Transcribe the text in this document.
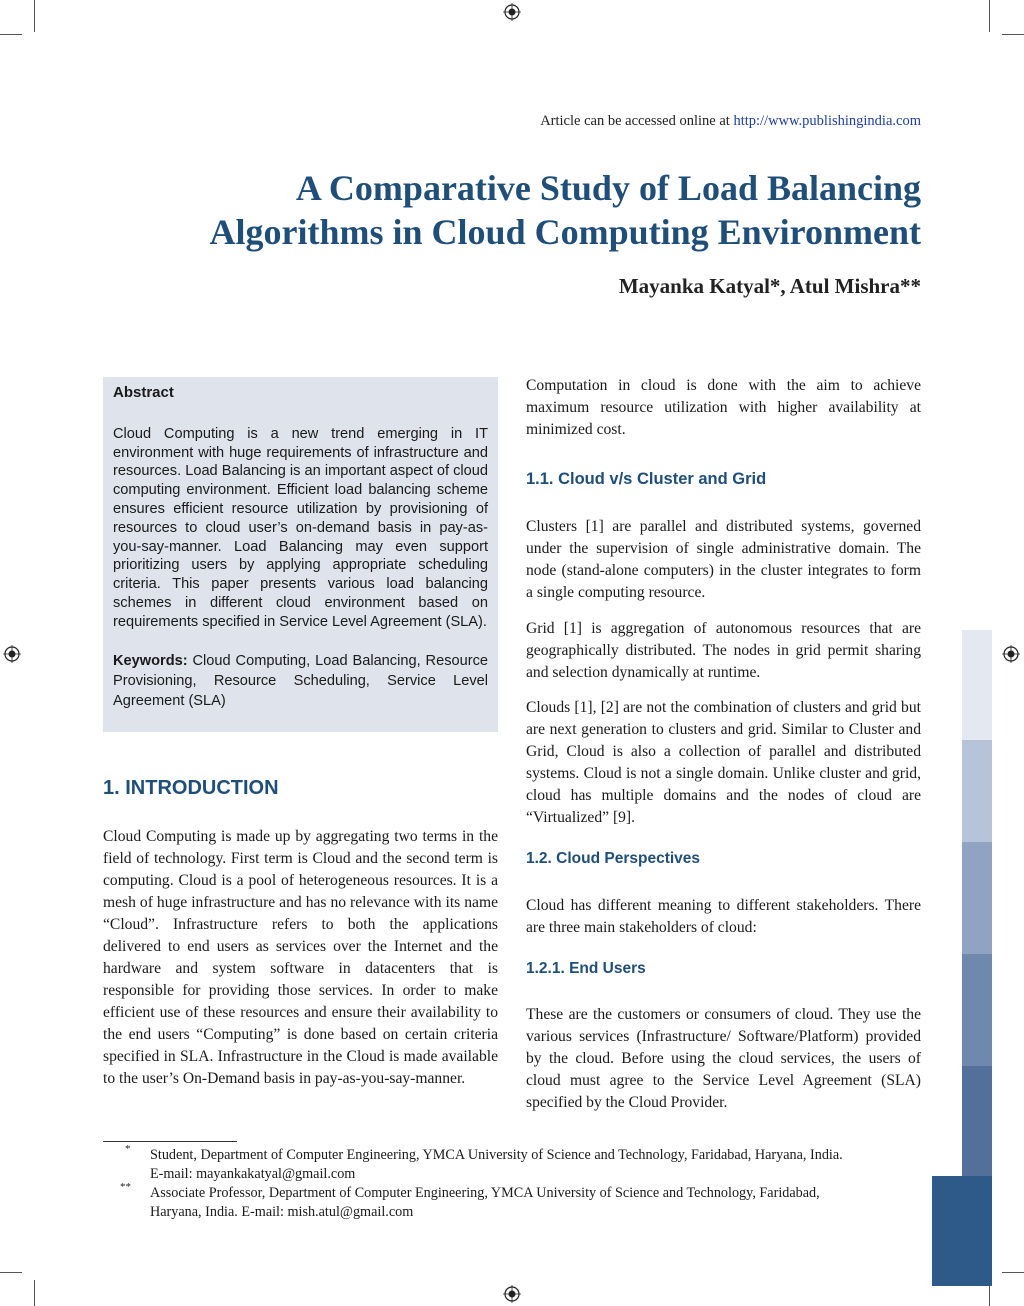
Article can be accessed online at http://www.publishingindia.com
A Comparative Study of Load Balancing
Algorithms in Cloud Computing Environment
Mayanka Katyal*, Atul Mishra**
Abstract

Cloud Computing is a new trend emerging in IT environment with huge requirements of infrastructure and resources. Load Balancing is an important aspect of cloud computing environment. Efficient load balancing scheme ensures efficient resource utilization by provisioning of resources to cloud user’s on-demand basis in pay-as-you-say-manner. Load Balancing may even support prioritizing users by applying appropriate scheduling criteria. This paper presents various load balancing schemes in different cloud environment based on requirements specified in Service Level Agreement (SLA).

Keywords: Cloud Computing, Load Balancing, Resource Provisioning, Resource Scheduling, Service Level Agreement (SLA)

1. INTRODUCTION

Cloud Computing is made up by aggregating two terms in the field of technology. First term is Cloud and the second term is computing. Cloud is a pool of heterogeneous resources. It is a mesh of huge infrastructure and has no relevance with its name “Cloud”. Infrastructure refers to both the applications delivered to end users as services over the Internet and the hardware and system software in datacenters that is responsible for providing those services. In order to make efficient use of these resources and ensure their availability to the end users “Computing” is done based on certain criteria specified in SLA. Infrastructure in the Cloud is made available to the user’s On-Demand basis in pay-as-you-say-manner.

Computation in cloud is done with the aim to achieve maximum resource utilization with higher availability at minimized cost.

1.1. Cloud v/s Cluster and Grid

Clusters [1] are parallel and distributed systems, governed under the supervision of single administrative domain. The node (stand-alone computers) in the cluster integrates to form a single computing resource.

Grid [1] is aggregation of autonomous resources that are geographically distributed. The nodes in grid permit sharing and selection dynamically at runtime.

Clouds [1], [2] are not the combination of clusters and grid but are next generation to clusters and grid. Similar to Cluster and Grid, Cloud is also a collection of parallel and distributed systems. Cloud is not a single domain. Unlike cluster and grid, cloud has multiple domains and the nodes of cloud are “Virtualized” [9].

1.2. Cloud Perspectives

Cloud has different meaning to different stakeholders. There are three main stakeholders of cloud:

1.2.1. End Users

These are the customers or consumers of cloud. They use the various services (Infrastructure/ Software/Platform) provided by the cloud. Before using the cloud services, the users of cloud must agree to the Service Level Agreement (SLA) specified by the Cloud Provider.

* Student, Department of Computer Engineering, YMCA University of Science and Technology, Faridabad, Haryana, India.
E-mail: mayankakatyal@gmail.com
** Associate Professor, Department of Computer Engineering, YMCA University of Science and Technology, Faridabad,
Haryana, India. E-mail: mish.atul@gmail.com
